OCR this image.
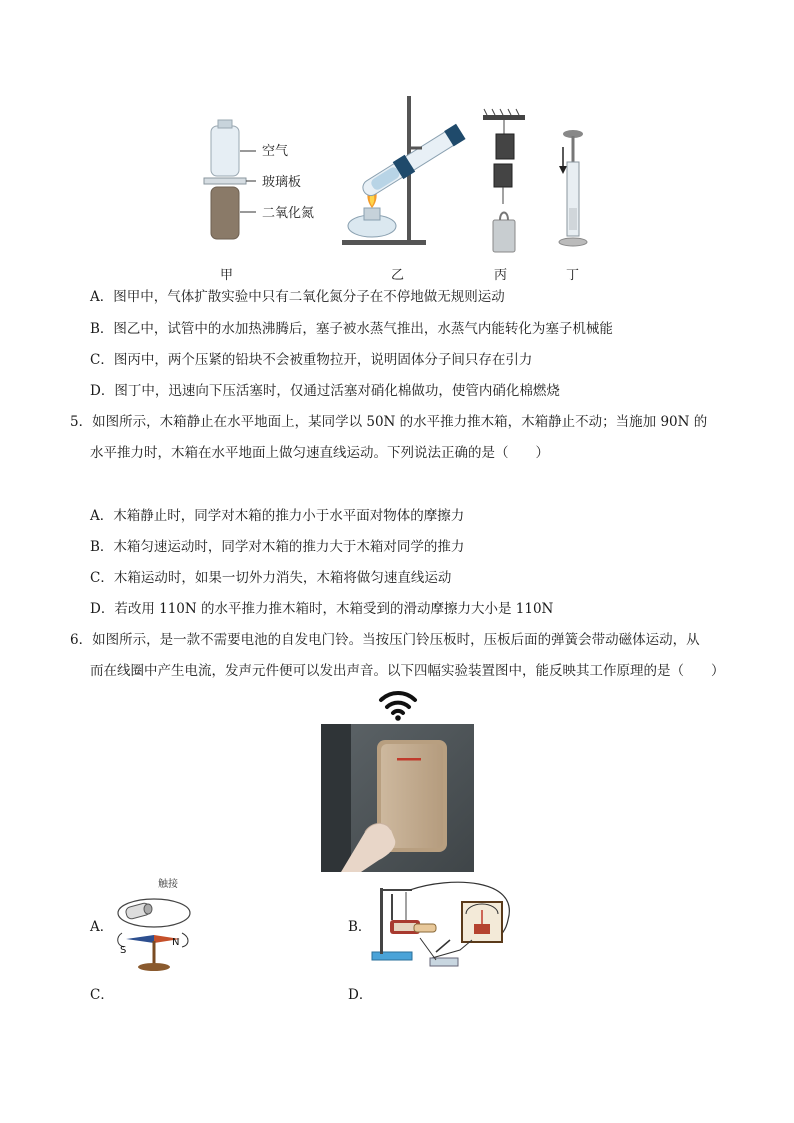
空气
玻璃板
二氧化氮
甲	乙	丙	丁
A．图甲中，气体扩散实验中只有二氧化氮分子在不停地做无规则运动
B．图乙中，试管中的水加热沸腾后，塞子被水蒸气推出，水蒸气内能转化为塞子机械能
C．图丙中，两个压紧的铅块不会被重物拉开，说明固体分子间只存在引力
D．图丁中，迅速向下压活塞时，仅通过活塞对硝化棉做功，使管内硝化棉燃烧
5．如图所示，木箱静止在水平地面上，某同学以 50N 的水平推力推木箱，木箱静止不动；当施加 90N 的
水平推力时，木箱在水平地面上做匀速直线运动。下列说法正确的是（　　）
A．木箱静止时，同学对木箱的推力小于水平面对物体的摩擦力
B．木箱匀速运动时，同学对木箱的推力大于木箱对同学的推力
C．木箱运动时，如果一切外力消失，木箱将做匀速直线运动
D．若改用 110N 的水平推力推木箱时，木箱受到的滑动摩擦力大小是 110N
6．如图所示，是一款不需要电池的自发电门铃。当按压门铃压板时，压板后面的弹簧会带动磁体运动，从
而在线圈中产生电流，发声元件便可以发出声音。以下四幅实验装置图中，能反映其工作原理的是（　　）
A．
触接
S
N
B．
C．	D．
